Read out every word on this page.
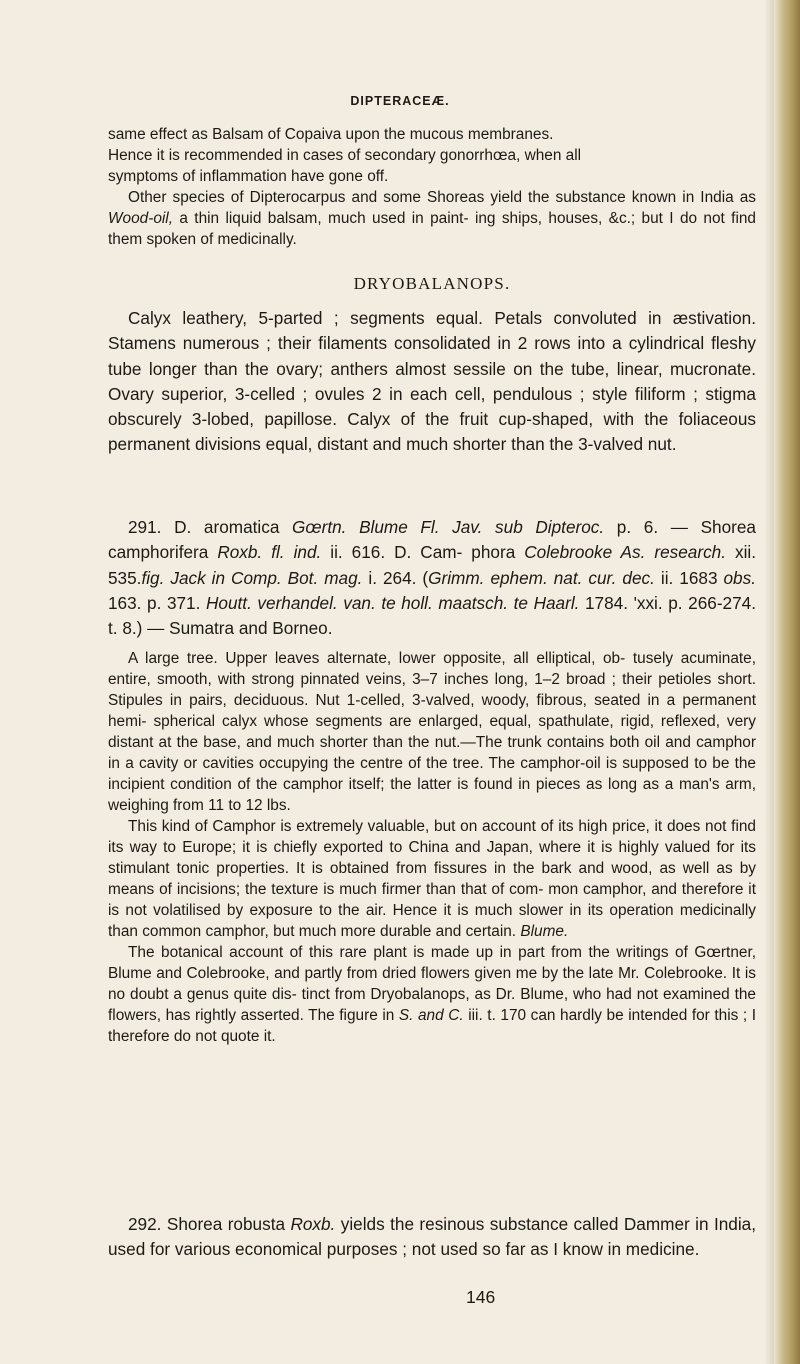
DIPTERACEÆ.

same effect as Balsam of Copaiva upon the mucous membranes.

Hence it is recommended in cases of secondary gonorrhœa, when all

symptoms of inflammation have gone off.

Other species of Dipterocarpus and some Shoreas yield the substance known in India as Wood-oil, a thin liquid balsam, much used in paint- ing ships, houses, &c.; but I do not find them spoken of medicinally.

DRYOBALANOPS.

Calyx leathery, 5-parted ; segments equal. Petals convoluted in æstivation. Stamens numerous ; their filaments consolidated in 2 rows into a cylindrical fleshy tube longer than the ovary; anthers almost sessile on the tube, linear, mucronate. Ovary superior, 3-celled ; ovules 2 in each cell, pendulous ; style filiform ; stigma obscurely 3-lobed, papillose. Calyx of the fruit cup-shaped, with the foliaceous permanent divisions equal, distant and much shorter than the 3-valved nut.

291. D. aromatica Gœrtn. Blume Fl. Jav. sub Dipteroc. p. 6. — Shorea camphorifera Roxb. fl. ind. ii. 616. D. Cam- phora Colebrooke As. research. xii. 535.fig. Jack in Comp. Bot. mag. i. 264. (Grimm. ephem. nat. cur. dec. ii. 1683 obs. 163. p. 371. Houtt. verhandel. van. te holl. maatsch. te Haarl. 1784. 'xxi. p. 266-274. t. 8.) — Sumatra and Borneo.

A large tree. Upper leaves alternate, lower opposite, all elliptical, ob- tusely acuminate, entire, smooth, with strong pinnated veins, 3–7 inches long, 1–2 broad ; their petioles short. Stipules in pairs, deciduous. Nut 1-celled, 3-valved, woody, fibrous, seated in a permanent hemi- spherical calyx whose segments are enlarged, equal, spathulate, rigid, reflexed, very distant at the base, and much shorter than the nut.—The trunk contains both oil and camphor in a cavity or cavities occupying the centre of the tree. The camphor-oil is supposed to be the incipient condition of the camphor itself; the latter is found in pieces as long as a man's arm, weighing from 11 to 12 lbs.

This kind of Camphor is extremely valuable, but on account of its high price, it does not find its way to Europe; it is chiefly exported to China and Japan, where it is highly valued for its stimulant tonic properties. It is obtained from fissures in the bark and wood, as well as by means of incisions; the texture is much firmer than that of com- mon camphor, and therefore it is not volatilised by exposure to the air. Hence it is much slower in its operation medicinally than common camphor, but much more durable and certain. Blume.

The botanical account of this rare plant is made up in part from the writings of Gœrtner, Blume and Colebrooke, and partly from dried flowers given me by the late Mr. Colebrooke. It is no doubt a genus quite dis- tinct from Dryobalanops, as Dr. Blume, who had not examined the flowers, has rightly asserted. The figure in S. and C. iii. t. 170 can hardly be intended for this ; I therefore do not quote it.

292. Shorea robusta Roxb. yields the resinous substance called Dammer in India, used for various economical purposes ; not used so far as I know in medicine.

146
